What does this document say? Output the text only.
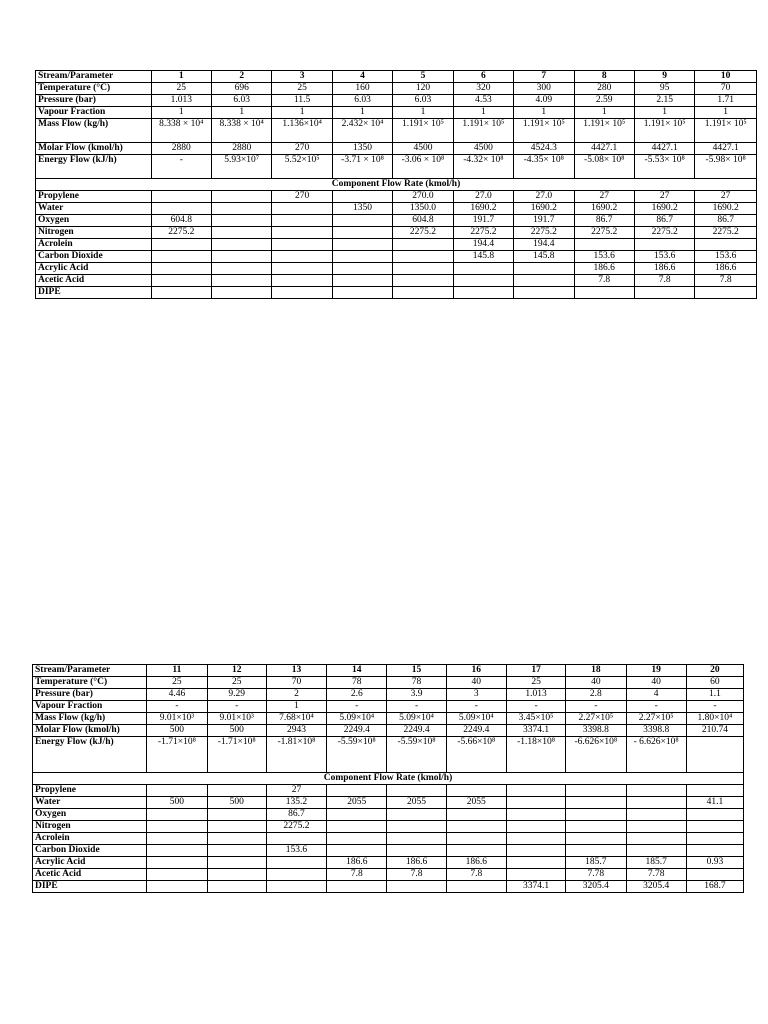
Stream/Parameter	1	2	3	4	5	6	7	8	9	10
Temperature (°C)	25	696	25	160	120	320	300	280	95	70
Pressure (bar)	1.013	6.03	11.5	6.03	6.03	4.53	4.09	2.59	2.15	1.71
Vapour Fraction	1	1	1	1	1	1	1	1	1	1
Mass Flow (kg/h)	8.338 × 10⁴	8.338 × 10⁴	1.136×10⁴	2.432× 10⁴	1.191× 10⁵	1.191× 10⁵	1.191× 10⁵	1.191× 10⁵	1.191× 10⁵	1.191× 10⁵
Molar Flow (kmol/h)	2880	2880	270	1350	4500	4500	4524.3	4427.1	4427.1	4427.1
Energy Flow (kJ/h)	-	5.93×10⁷	5.52×10⁵	-3.71 × 10⁸	-3.06 × 10⁸	-4.32× 10⁸	-4.35× 10⁸	-5.08× 10⁸	-5.53× 10⁸	-5.98× 10⁸
Component Flow Rate (kmol/h)										
Propylene			270		270.0	27.0	27.0	27	27	27
Water				1350	1350.0	1690.2	1690.2	1690.2	1690.2	1690.2
Oxygen	604.8				604.8	191.7	191.7	86.7	86.7	86.7
Nitrogen	2275.2				2275.2	2275.2	2275.2	2275.2	2275.2	2275.2
Acrolein						194.4	194.4			
Carbon Dioxide						145.8	145.8	153.6	153.6	153.6
Acrylic Acid								186.6	186.6	186.6
Acetic Acid								7.8	7.8	7.8
DIPE										
Stream/Parameter	11	12	13	14	15	16	17	18	19	20
Temperature (°C)	25	25	70	78	78	40	25	40	40	60
Pressure (bar)	4.46	9.29	2	2.6	3.9	3	1.013	2.8	4	1.1
Vapour Fraction	-	-	1	-	-	-	-	-	-	-
Mass Flow (kg/h)	9.01×10³	9.01×10³	7.68×10⁴	5.09×10⁴	5.09×10⁴	5.09×10⁴	3.45×10⁵	2.27×10⁵	2.27×10⁵	1.80×10⁴
Molar Flow (kmol/h)	500	500	2943	2249.4	2249.4	2249.4	3374.1	3398.8	3398.8	210.74
Energy Flow (kJ/h)	-1.71×10⁸	-1.71×10⁸	-1.81×10⁸	-5.59×10⁸	-5.59×10⁸	-5.66×10⁸	-1.18×10⁸	-6.626×10⁸	- 6.626×10⁸	
Component Flow Rate (kmol/h)										
Propylene			27							
Water	500	500	135.2	2055	2055	2055				41.1
Oxygen			86.7							
Nitrogen			2275.2							
Acrolein										
Carbon Dioxide			153.6							
Acrylic Acid				186.6	186.6	186.6		185.7	185.7	0.93
Acetic Acid				7.8	7.8	7.8		7.78	7.78	
DIPE							3374.1	3205.4	3205.4	168.7
